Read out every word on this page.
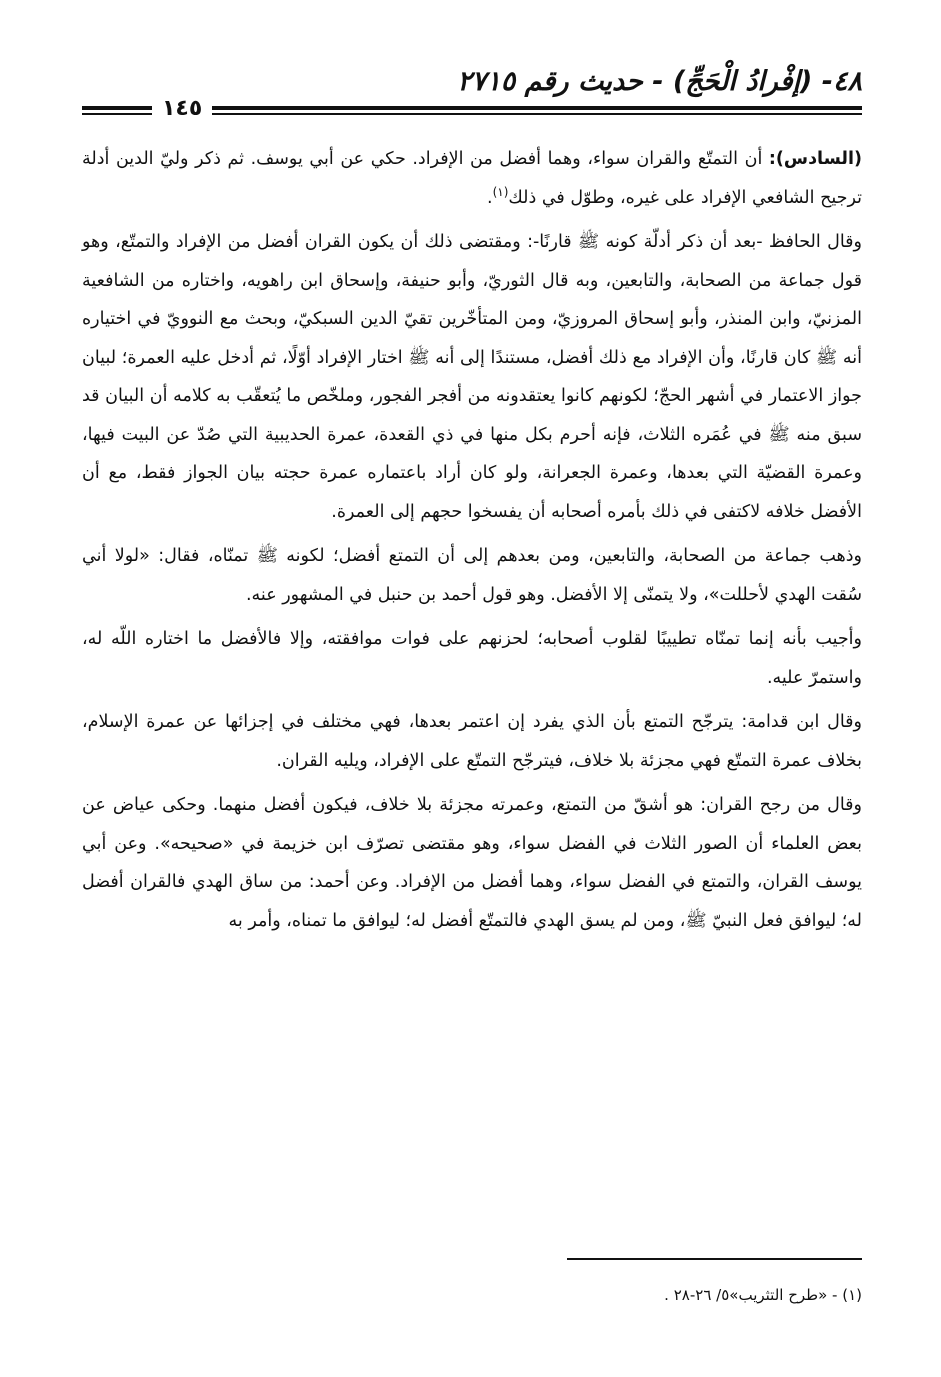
٤٨- (إفْرادُ الْحَجِّ) - حديث رقم ٢٧١٥
١٤٥

(السادس): أن التمتّع والقران سواء، وهما أفضل من الإفراد. حكي عن أبي يوسف. ثم ذكر وليّ الدين أدلة ترجيح الشافعي الإفراد على غيره، وطوّل في ذلك$^{(١)}$.

وقال الحافظ -بعد أن ذكر أدلّة كونه ﷺ قارنًا-: ومقتضى ذلك أن يكون القران أفضل من الإفراد والتمتّع، وهو قول جماعة من الصحابة، والتابعين، وبه قال الثوريّ، وأبو حنيفة، وإسحاق ابن راهويه، واختاره من الشافعية المزنيّ، وابن المنذر، وأبو إسحاق المروزيّ، ومن المتأخّرين تقيّ الدين السبكيّ، وبحث مع النوويّ في اختياره أنه ﷺ كان قارنًا، وأن الإفراد مع ذلك أفضل، مستندًا إلى أنه ﷺ اختار الإفراد أوّلًا، ثم أدخل عليه العمرة؛ لبيان جواز الاعتمار في أشهر الحجّ؛ لكونهم كانوا يعتقدونه من أفجر الفجور، وملخّص ما يُتعقّب به كلامه أن البيان قد سبق منه ﷺ في عُمَره الثلاث، فإنه أحرم بكل منها في ذي القعدة، عمرة الحديبية التي صُدّ عن البيت فيها، وعمرة القضيّة التي بعدها، وعمرة الجعرانة، ولو كان أراد باعتماره عمرة حجته بيان الجواز فقط، مع أن الأفضل خلافه لاكتفى في ذلك بأمره أصحابه أن يفسخوا حجهم إلى العمرة.

وذهب جماعة من الصحابة، والتابعين، ومن بعدهم إلى أن التمتع أفضل؛ لكونه ﷺ تمنّاه، فقال: «لولا أني سُقت الهدي لأحللت»، ولا يتمنّى إلا الأفضل. وهو قول أحمد بن حنبل في المشهور عنه.

وأجيب بأنه إنما تمنّاه تطييبًا لقلوب أصحابه؛ لحزنهم على فوات موافقته، وإلا فالأفضل ما اختاره اللّه له، واستمرّ عليه.

وقال ابن قدامة: يترجّح التمتع بأن الذي يفرد إن اعتمر بعدها، فهي مختلف في إجزائها عن عمرة الإسلام، بخلاف عمرة التمتّع فهي مجزئة بلا خلاف، فيترجّح التمتّع على الإفراد، ويليه القران.

وقال من رجح القران: هو أشقّ من التمتع، وعمرته مجزئة بلا خلاف، فيكون أفضل منهما. وحكى عياض عن بعض العلماء أن الصور الثلاث في الفضل سواء، وهو مقتضى تصرّف ابن خزيمة في «صحيحه». وعن أبي يوسف القران، والتمتع في الفضل سواء، وهما أفضل من الإفراد. وعن أحمد: من ساق الهدي فالقران أفضل له؛ ليوافق فعل النبيّ ﷺ، ومن لم يسق الهدي فالتمتّع أفضل له؛ ليوافق ما تمناه، وأمر به

(١) - «طرح التثريب»٥/ ٢٦-٢٨ .
